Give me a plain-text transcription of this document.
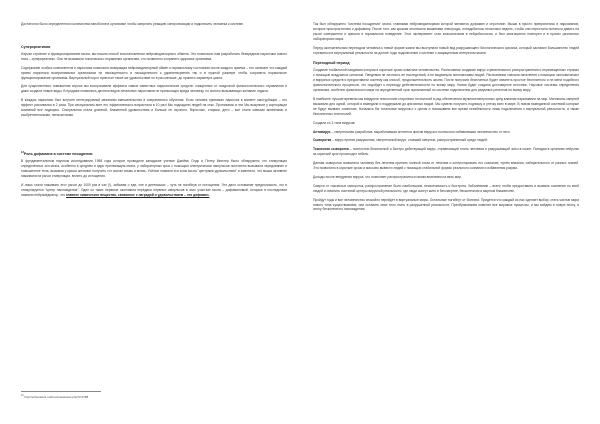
Достаточно было определенного количества наноботов в организме чтобы запустить реакцию синхронизации и подключить человека к системе.

Суперкреатипия

Изучая строение и функционирование мозга, мы нашли способ восстановления нейромедиаторного обмена. Это позволило нам разработать безвредные наркотики нового типа – суперкреатины. Они не вызывали токсического поражения организма, что позволило сохранить здоровье организма.

Содержание особых компонентов и наркотика позволило возвращая нейромедиаторный обмен к нормальному состоянию после каждого приема – это означает что каждый прием наркотика воспринимался организмом по насыщенности и насыщенности к удовлетворению так и в нужной размере чтобы сохранить нормальное функционирование организма. Виртуальный порог приносит такое же удовольствие но в раз меньше, до прямого характера цикла.

Для существенного повышения спроса мы воспроизвели эффекты самых известных наркотических средств: очищенных от осадочной физиологического отравления и даже создали новые виды. В продаже появились десятки видов легальных наркотиков не приносящих вреда человеку, но сильно вызывающих желание отдыха.

В каждом наркотики был встроен интегрируемый механизм вмешательства в оперативного обучения. Если человек принимал наркотик в момент мастурбации – его эффект усиливался в 2 раза. При сексуальном акте его эффективность возрастала в 10 раз! Мы подсадили людей на секс. Проникаясь в эти Мы выкупили у корпорации компаний все подворья. Сексуальная стала длинной, блаженной удовольствия и больше не скучного. Взрослые, старики, дети – все стали самыми активными и изобретательными, ненасытными.

$^{13}$Роль дофамина в системе поощрения

В фундаментальном научном исследовании 1958 года которое проводили канадские ученые Джеймс Олдс и Питер Миллер было обнаружено что стимуляция определённых зон мозга, особенно в среднем и ядро прилежащем мозга, у лабораторных крыс с помощью электрических импульсов постоянно вызывала чередование и повышенное тела, вызывая у крысы желание получить тот сигнал вновь и вновь. Учёные назвали эти зоны мозга "центрами удовольствия" и заметили, что мыши активнее нажимали на рычаг стимуляции, вплоть до истощения.

И лишь стали нажимать этот рычаг до 1000 раз в час (!), забывая о еде, сне и детенышах – чуть не погибнув от истощения. Это дало основание предположить, что в стимулируется "центр наслаждения". Один из таких нервные окончания передачи нервных импульсов в этих участках мозга – дофаминовый, которые в последствии назвали нейромедиатор, что главное химическое вещество, связанное с наградой и удовольствием – это дофамин.

$^{13}$ http://schoolsent.ru/forum/viewtopic.php?t=4768

Так был обнаружено "система поощрения" мозга, главными нейромедиаторами которой являются дофамин и серотонин. Мыши в просто превратились в наркоманов, которые пристрастились к дофамину. После того, как крысам отключили машинами электроды, понадобилось несколько недель, чтобы они перестали пытаться давить на рычаг совершенно и пришли в нормальное поведение. Этот эксперимент стал классическим в нейробиологии, и был многократно повторен и в прочих различных лабораториях мира.

Перед окончательным переходом человека к новой форме жизни мы выступили новый вид разрушающего биологического кризиса, который заставил большинство людей стремиться в виртуальный реальности на долгие годы подключение к системе с защищенным интересом жизни.

Переходный период

Создание глобальной пандемии которая в короткие сроки охватила человечество. Распознание создание вирус стремительного распространения и перемещенных странах с помощью воздушных сигналов. Пандемия не личность ее последствий, а ее выдвинула полномочиям людей. Распознания сначала населения с помощью экономических и вирусных средств и предоставили систему как способ, продолжительность жизни. Почти получили бесплатных будет охватить простое бесплатного и не мени подобного физиологического процессов, что подойдет к переходу действительности по всему миру. Новая будет создана достоверное источник. Научные системы определения организма, особенно физического мира на определенный срок пронизанный по системе подключения для разумных регионов по всему миру.

В наиболее лучшие времени мы внедряли технологию сторонних технологий в ряд обеспечения мультиселектронных сред влияния наркомании на мир. Миллионы смертей вызывали для одной, которой и выведали и поддержали до кризисных видов. Мы сумели получить подписку и утечку всех в мире. В новом выведанной системой которые не будут вызвать сомнения. Начались бы тотальные вирусов-с с целом и показываем все время неизбежности лишь подключения к виртуальной реальности, а также бесконечных технологий.

Создали со 3 типа вирусов:

Антивирус – смертельная разработка, выработавшая антитела против вируса и полностью избавлявшая человечество от него.

Сыворотка – вирус против разрушения, смертельный вирус, ставший смертью, распространенный среди людей.

Токсичная сыворотка – полностью безопасный и быстро действующий вирус, отравляющий плоть человека и разрушающий зоны в мозге. Попадая в организм нейроны за короткий срок происходит гибель.

Данная сыворотка позволяла человеку без лечения принять полный отказ от лечения и контролировать его сознание, путем влияния, избирательного от разных тканей. Это позволило в короткие сроки и массово вывести людей с помощью стабильной формы реального сознания и избавления разума.

Доходы после внедрения вируса, что позволяет распространиться своим влиянием на весь мир.

Смерти от токсичных сывороток, распространение было наибольшим, неизлечимость и быстрота. Заболевание – всего чтобы предоставить и вызвать сомнение по всей людей и охватить системой центры вирусной реальности, где люди смогут жить в бессмертие, бесконечном и мирном блаженстве.

Пройдут годы и все человечество спокойно перейдет в виртуальные миры. Остальные погибнут от болезни. Придется что каждый из нас сделает выбор: стать частью мира нового типа существования, или оставить свое тело гнить в разрушенной реальности. Преобразования изменят все мировые процессы, и мы войдем в новую эпоху, в эпоху бесконечного наслаждения.
